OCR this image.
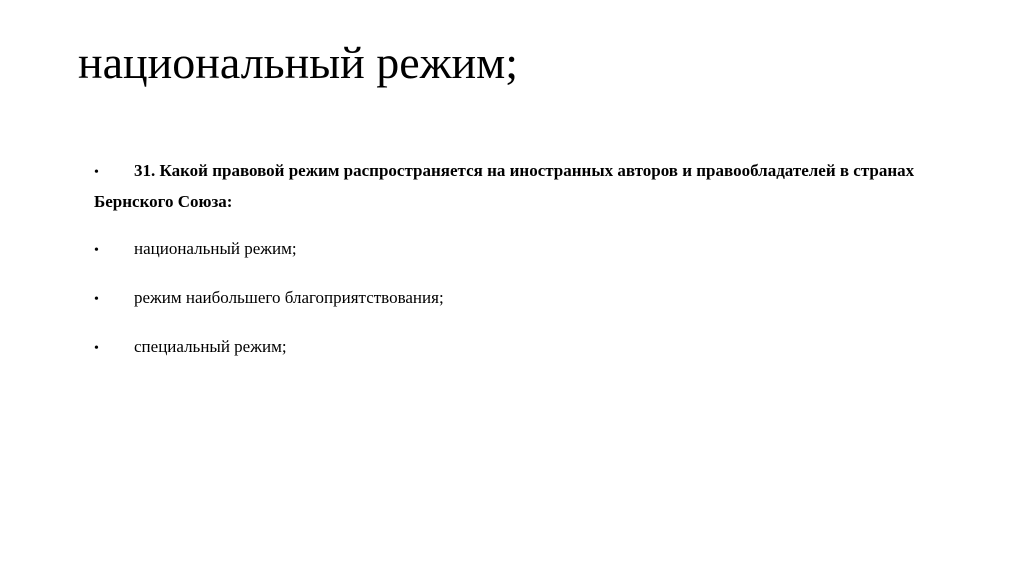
национальный режим;
• 31. Какой правовой режим распространяется на иностранных авторов и правообладателей в странах Бернского Союза:
• национальный режим;
• режим наибольшего благоприятствования;
• специальный режим;
